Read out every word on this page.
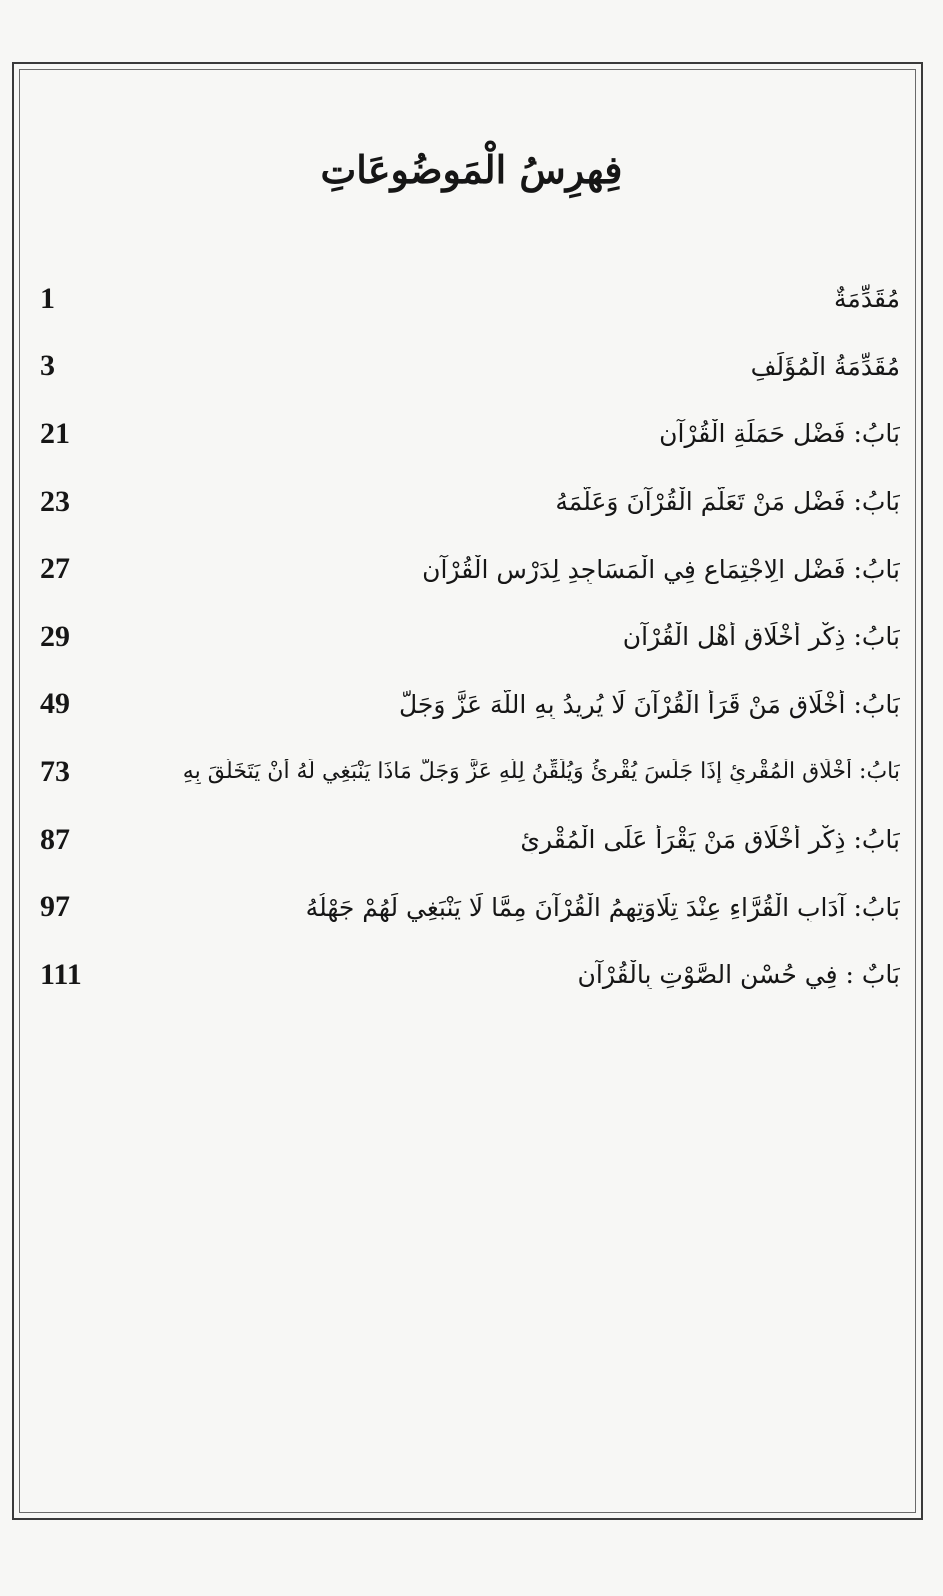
فِهرِسُ الْمَوضُوعَاتِ
1	مُقَدِّمَةٌ
3	مُقَدِّمَةُ الْمُؤَلِّفِ
21	بَابُ: فَضْلِ حَمَلَةِ الْقُرْآنِ
23	بَابُ: فَضْلِ مَنْ تَعَلَّمَ الْقُرْآنَ وَعَلَّمَهُ
27	بَابُ: فَضْلِ الِاجْتِمَاعِ فِي الْمَسَاجِدِ لِدَرْسِ الْقُرْآنِ
29	بَابُ: ذِكْرِ أَخْلَاقِ أَهْلِ الْقُرْآنِ
49	بَابُ: أَخْلَاقِ مَنْ قَرَأَ الْقُرْآنَ لَا يُرِيدُ بِهِ اللَّهَ عَزَّ وَجَلَّ
73	بَابُ: أَخْلَاقِ الْمُقْرِئِ إِذَا جَلَسَ يُقْرِئُ وَيُلَقِّنُ لِلَّهِ عَزَّ وَجَلَّ مَاذَا يَنْبَغِي لَهُ أَنْ يَتَخَلَّقَ بِهِ
87	بَابُ: ذِكْرِ أَخْلَاقِ مَنْ يَقْرَأُ عَلَى الْمُقْرِئِ
97	بَابُ: آدَابِ الْقُرَّاءِ عِنْدَ تِلَاوَتِهِمُ الْقُرْآنَ مِمَّا لَا يَنْبَغِي لَهُمْ جَهْلُهُ
111	بَابٌ : فِي حُسْنِ الصَّوْتِ بِالْقُرْآنِ
